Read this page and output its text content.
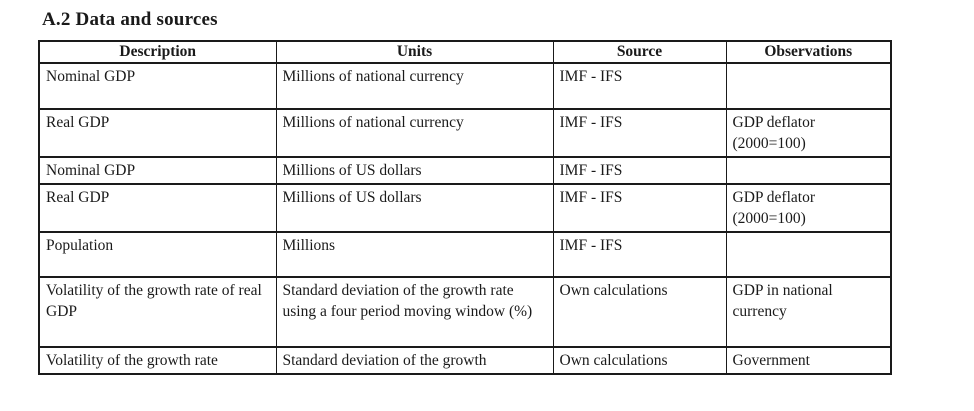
A.2 Data and sources
Description	Units	Source	Observations
Nominal GDP	Millions of national currency	IMF - IFS	
Real GDP	Millions of national currency	IMF - IFS	GDP deflator (2000=100)
Nominal GDP	Millions of US dollars	IMF - IFS	
Real GDP	Millions of US dollars	IMF - IFS	GDP deflator (2000=100)
Population	Millions	IMF - IFS	
Volatility of the growth rate of real GDP	Standard deviation of the growth rate using a four period moving window (%)	Own calculations	GDP in national currency
Volatility of the growth rate	Standard deviation of the growth	Own calculations	Government
